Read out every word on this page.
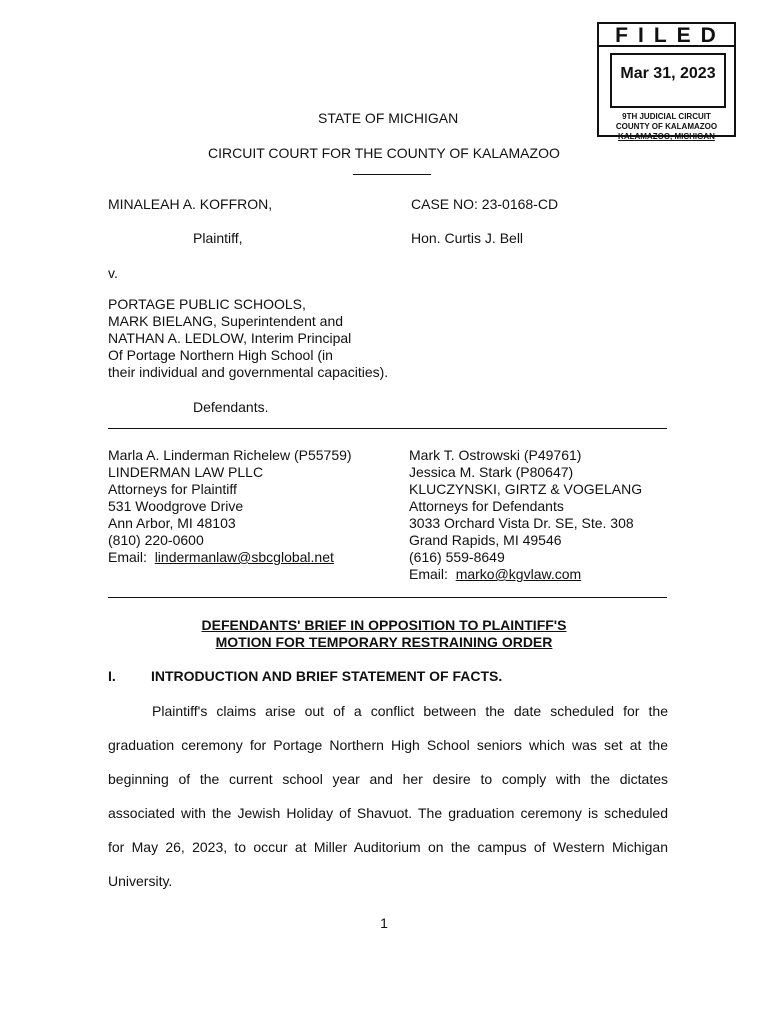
FILED
Mar 31, 2023
9TH JUDICIAL CIRCUIT
COUNTY OF KALAMAZOO
KALAMAZOO, MICHIGAN
STATE OF MICHIGAN
CIRCUIT COURT FOR THE COUNTY OF KALAMAZOO
MINALEAH A. KOFFRON,
Plaintiff,
v.
PORTAGE PUBLIC SCHOOLS,
MARK BIELANG, Superintendent and
NATHAN A. LEDLOW, Interim Principal
Of Portage Northern High School (in
their individual and governmental capacities).
Defendants.
CASE NO: 23-0168-CD
Hon. Curtis J. Bell
Marla A. Linderman Richelew (P55759)
LINDERMAN LAW PLLC
Attorneys for Plaintiff
531 Woodgrove Drive
Ann Arbor, MI 48103
(810) 220-0600
Email: lindermanlaw@sbcglobal.net
Mark T. Ostrowski (P49761)
Jessica M. Stark (P80647)
KLUCZYNSKI, GIRTZ & VOGELANG
Attorneys for Defendants
3033 Orchard Vista Dr. SE, Ste. 308
Grand Rapids, MI 49546
(616) 559-8649
Email: marko@kgvlaw.com
DEFENDANTS' BRIEF IN OPPOSITION TO PLAINTIFF'S
MOTION FOR TEMPORARY RESTRAINING ORDER
I.	INTRODUCTION AND BRIEF STATEMENT OF FACTS.
Plaintiff's claims arise out of a conflict between the date scheduled for the
graduation ceremony for Portage Northern High School seniors which was set at the
beginning of the current school year and her desire to comply with the dictates
associated with the Jewish Holiday of Shavuot. The graduation ceremony is scheduled
for May 26, 2023, to occur at Miller Auditorium on the campus of Western Michigan
University.
1
